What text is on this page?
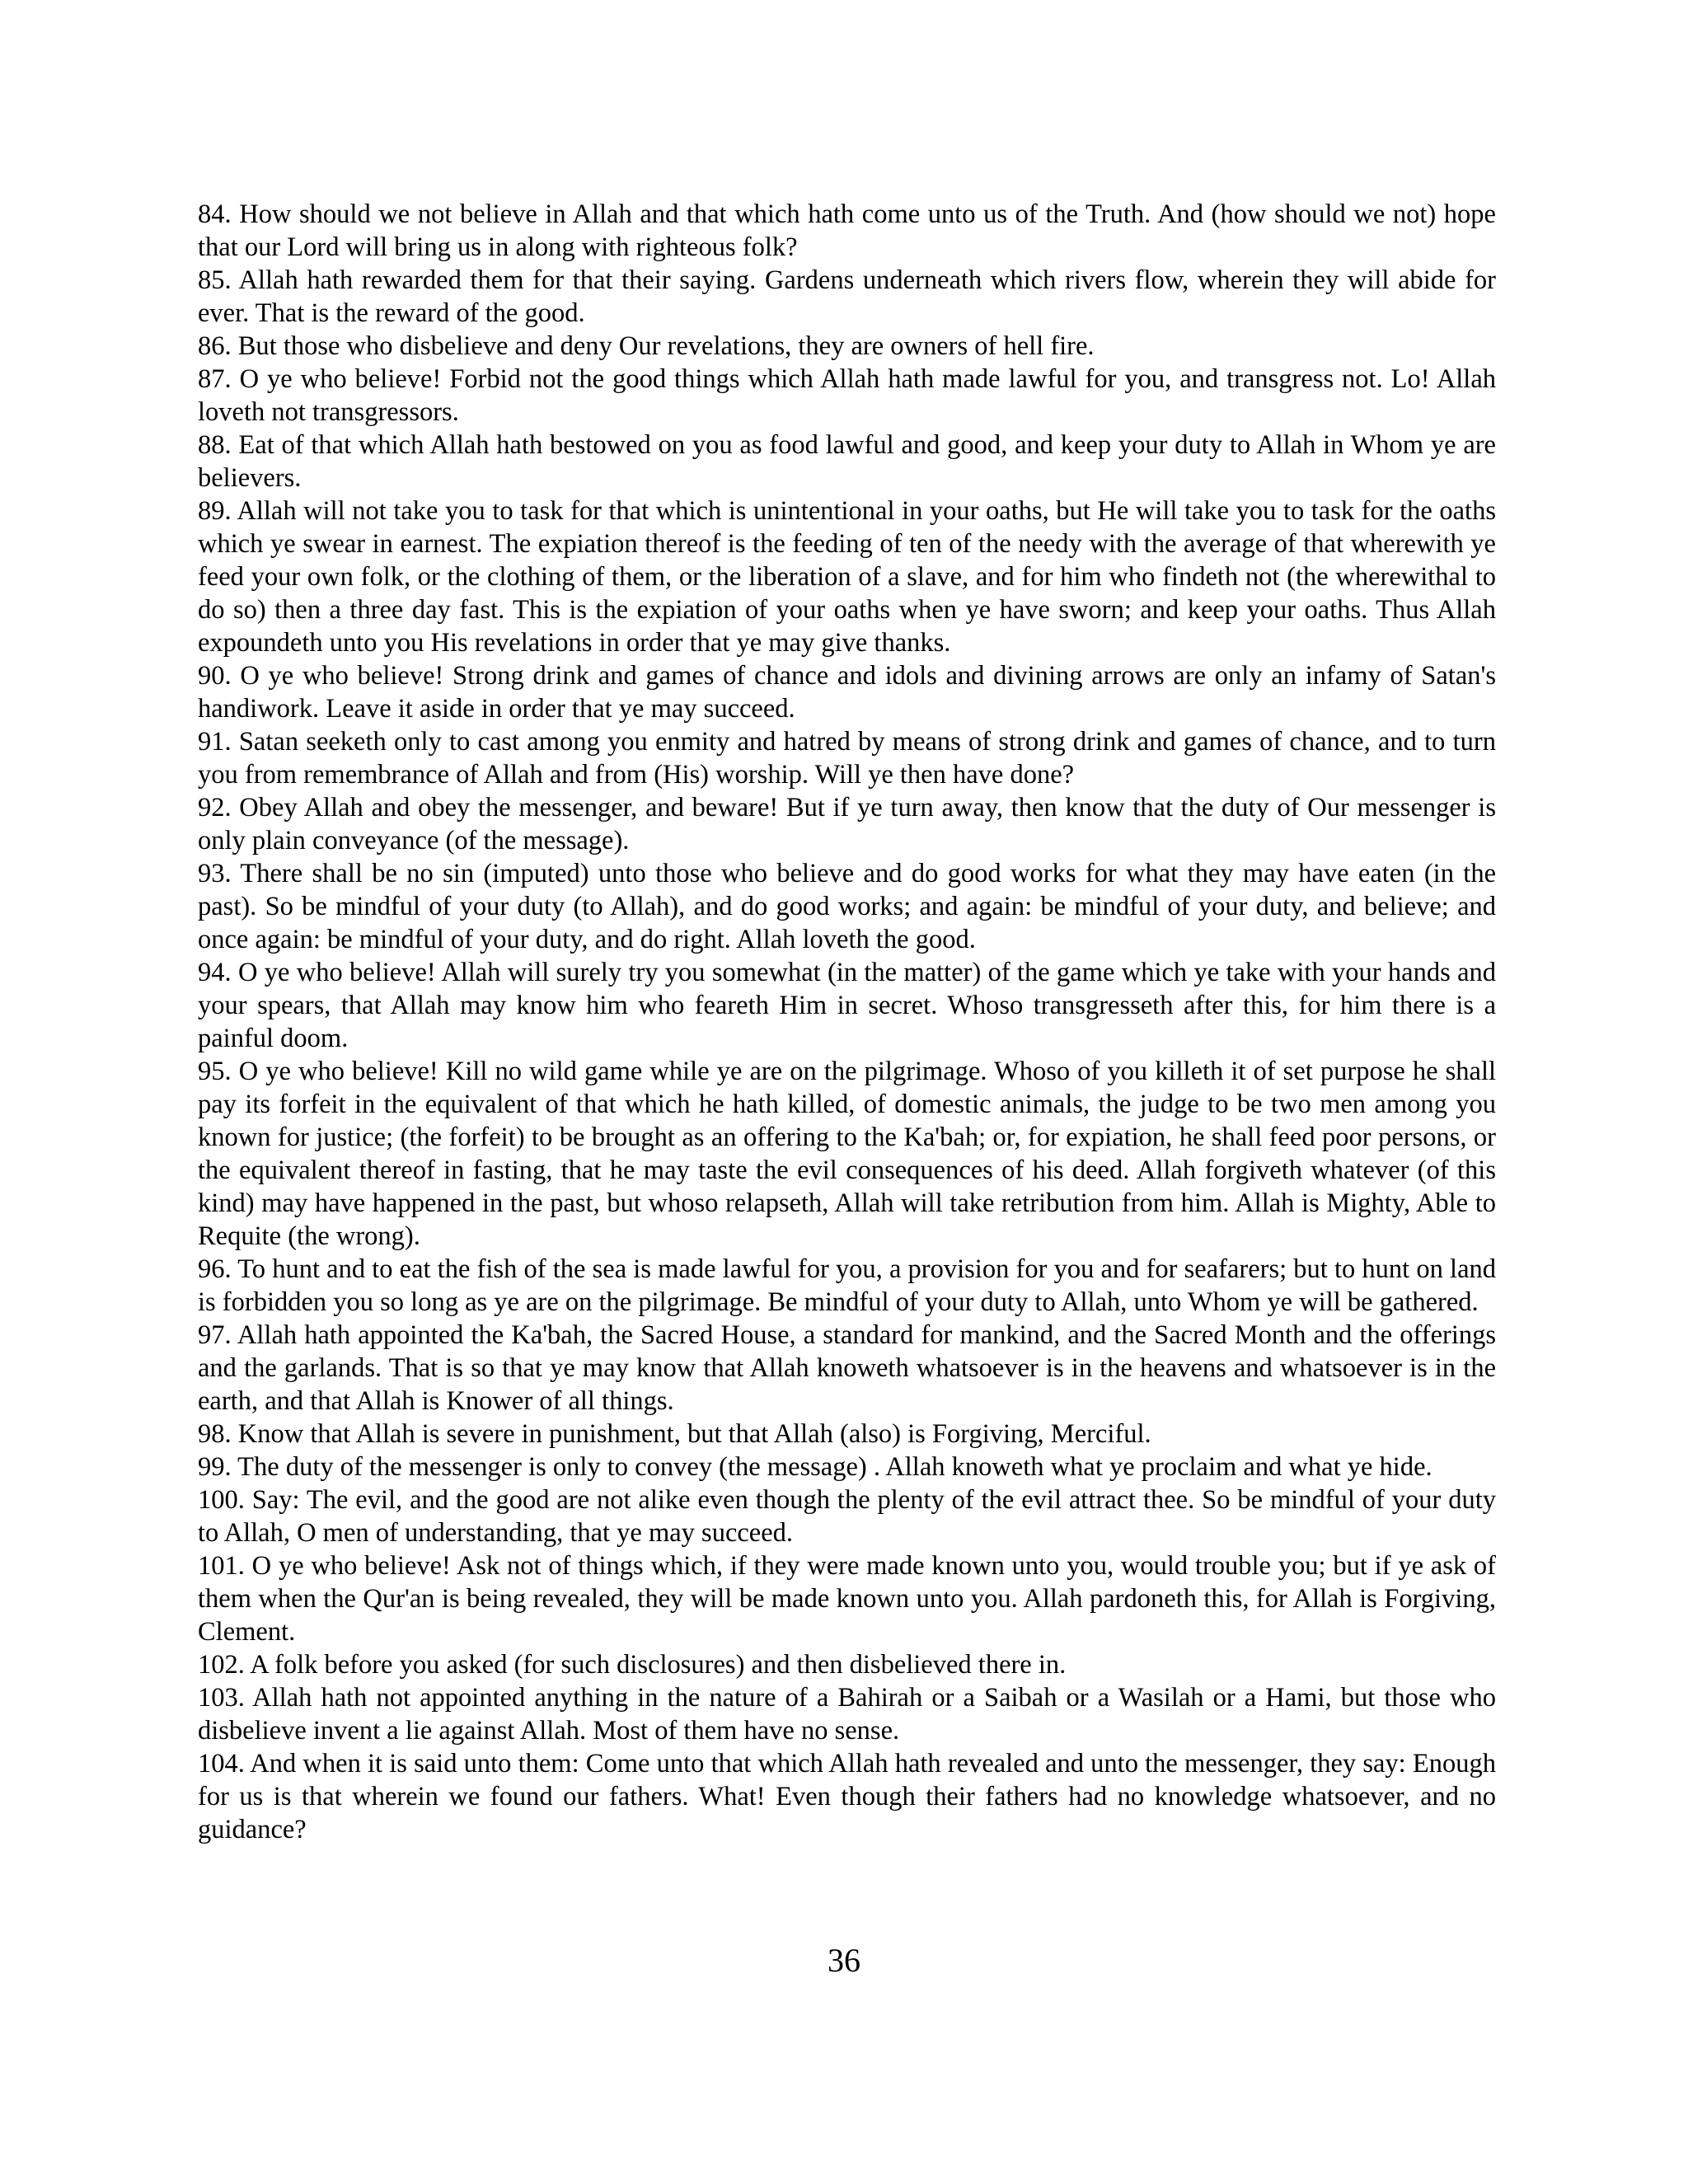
84. How should we not believe in Allah and that which hath come unto us of the Truth. And (how should we not) hope that our Lord will bring us in along with righteous folk?

85. Allah hath rewarded them for that their saying. Gardens underneath which rivers flow, wherein they will abide for ever. That is the reward of the good.

86. But those who disbelieve and deny Our revelations, they are owners of hell fire.

87. O ye who believe! Forbid not the good things which Allah hath made lawful for you, and transgress not. Lo! Allah loveth not transgressors.

88. Eat of that which Allah hath bestowed on you as food lawful and good, and keep your duty to Allah in Whom ye are believers.

89. Allah will not take you to task for that which is unintentional in your oaths, but He will take you to task for the oaths which ye swear in earnest. The expiation thereof is the feeding of ten of the needy with the average of that wherewith ye feed your own folk, or the clothing of them, or the liberation of a slave, and for him who findeth not (the wherewithal to do so) then a three day fast. This is the expiation of your oaths when ye have sworn; and keep your oaths. Thus Allah expoundeth unto you His revelations in order that ye may give thanks.

90. O ye who believe! Strong drink and games of chance and idols and divining arrows are only an infamy of Satan's handiwork. Leave it aside in order that ye may succeed.

91. Satan seeketh only to cast among you enmity and hatred by means of strong drink and games of chance, and to turn you from remembrance of Allah and from (His) worship. Will ye then have done?

92. Obey Allah and obey the messenger, and beware! But if ye turn away, then know that the duty of Our messenger is only plain conveyance (of the message).

93. There shall be no sin (imputed) unto those who believe and do good works for what they may have eaten (in the past). So be mindful of your duty (to Allah), and do good works; and again: be mindful of your duty, and believe; and once again: be mindful of your duty, and do right. Allah loveth the good.

94. O ye who believe! Allah will surely try you somewhat (in the matter) of the game which ye take with your hands and your spears, that Allah may know him who feareth Him in secret. Whoso transgresseth after this, for him there is a painful doom.

95. O ye who believe! Kill no wild game while ye are on the pilgrimage. Whoso of you killeth it of set purpose he shall pay its forfeit in the equivalent of that which he hath killed, of domestic animals, the judge to be two men among you known for justice; (the forfeit) to be brought as an offering to the Ka'bah; or, for expiation, he shall feed poor persons, or the equivalent thereof in fasting, that he may taste the evil consequences of his deed. Allah forgiveth whatever (of this kind) may have happened in the past, but whoso relapseth, Allah will take retribution from him. Allah is Mighty, Able to Requite (the wrong).

96. To hunt and to eat the fish of the sea is made lawful for you, a provision for you and for seafarers; but to hunt on land is forbidden you so long as ye are on the pilgrimage. Be mindful of your duty to Allah, unto Whom ye will be gathered.

97. Allah hath appointed the Ka'bah, the Sacred House, a standard for mankind, and the Sacred Month and the offerings and the garlands. That is so that ye may know that Allah knoweth whatsoever is in the heavens and whatsoever is in the earth, and that Allah is Knower of all things.

98. Know that Allah is severe in punishment, but that Allah (also) is Forgiving, Merciful.

99. The duty of the messenger is only to convey (the message) . Allah knoweth what ye proclaim and what ye hide.

100. Say: The evil, and the good are not alike even though the plenty of the evil attract thee. So be mindful of your duty to Allah, O men of understanding, that ye may succeed.

101. O ye who believe! Ask not of things which, if they were made known unto you, would trouble you; but if ye ask of them when the Qur'an is being revealed, they will be made known unto you. Allah pardoneth this, for Allah is Forgiving, Clement.

102. A folk before you asked (for such disclosures) and then disbelieved there in.

103. Allah hath not appointed anything in the nature of a Bahirah or a Saibah or a Wasilah or a Hami, but those who disbelieve invent a lie against Allah. Most of them have no sense.

104. And when it is said unto them: Come unto that which Allah hath revealed and unto the messenger, they say: Enough for us is that wherein we found our fathers. What! Even though their fathers had no knowledge whatsoever, and no guidance?

36
